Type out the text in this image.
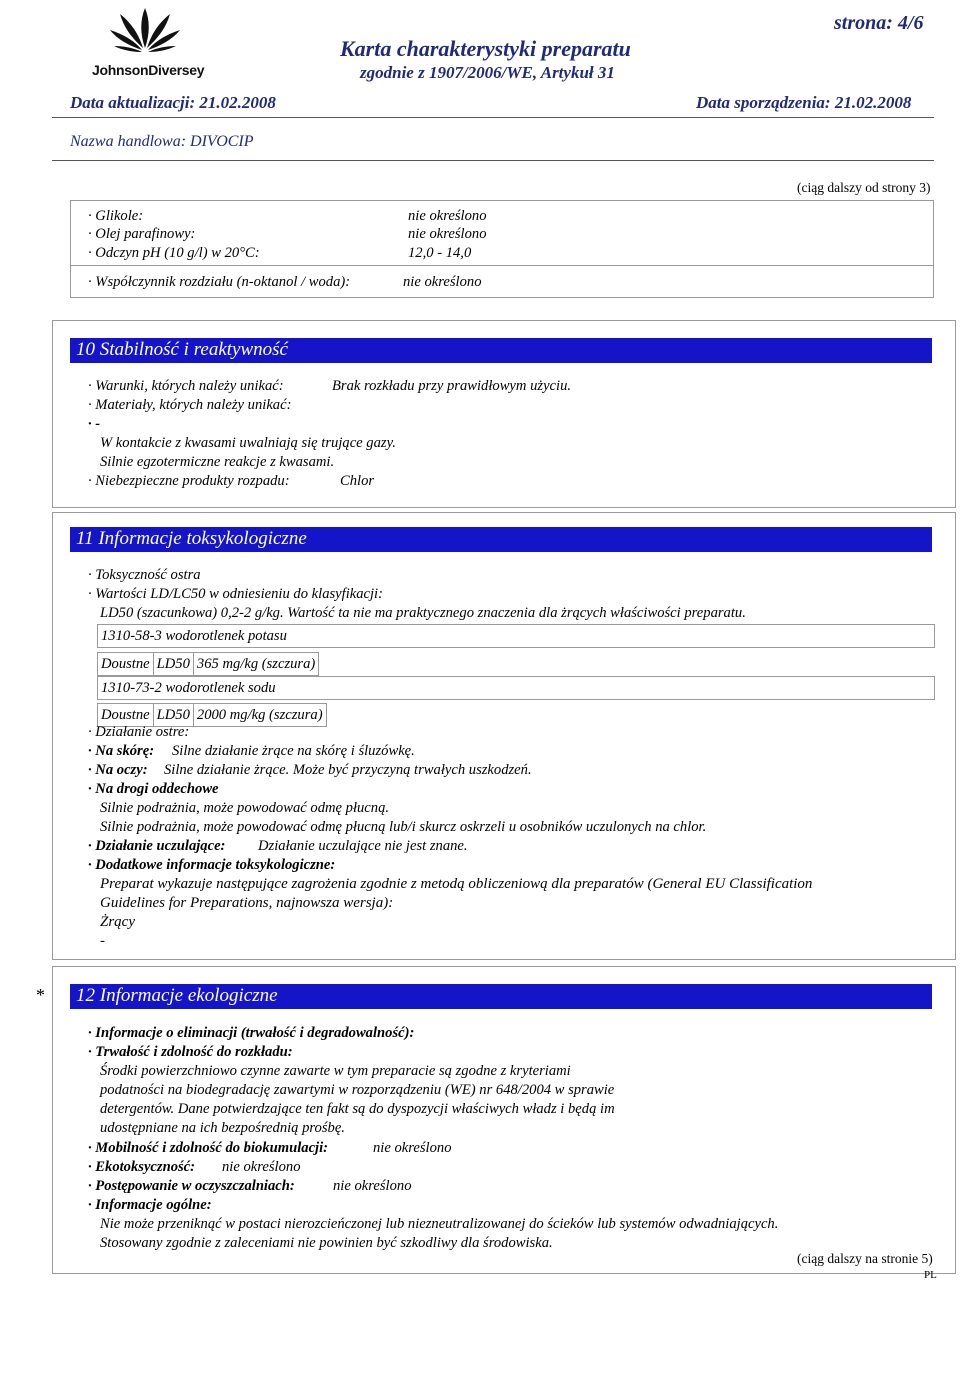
JohnsonDiversey
Karta charakterystyki preparatu
zgodnie z 1907/2006/WE, Artykuł 31
strona: 4/6
Data aktualizacji: 21.02.2008	Data sporządzenia: 21.02.2008
Nazwa handlowa: DIVOCIP
(ciąg dalszy od strony 3)
· Glikole:	nie określono
· Olej parafinowy:	nie określono
· Odczyn pH (10 g/l) w 20°C:	12,0 - 14,0
· Współczynnik rozdziału (n-oktanol / woda):	nie określono
10 Stabilność i reaktywność
· Warunki, których należy unikać:	Brak rozkładu przy prawidłowym użyciu.
· Materiały, których należy unikać:
· -
W kontakcie z kwasami uwalniają się trujące gazy.
Silnie egzotermiczne reakcje z kwasami.
· Niebezpieczne produkty rozpadu:	Chlor
11 Informacje toksykologiczne
· Toksyczność ostra
· Wartości LD/LC50 w odniesieniu do klasyfikacji:
LD50 (szacunkowa) 0,2-2 g/kg. Wartość ta nie ma praktycznego znaczenia dla żrących właściwości preparatu.
1310-58-3 wodorotlenek potasu
Doustne	LD50	365 mg/kg (szczura)
1310-73-2 wodorotlenek sodu
Doustne	LD50	2000 mg/kg (szczura)
· Działanie ostre:
· Na skórę: Silne działanie żrące na skórę i śluzówkę.
· Na oczy: Silne działanie żrące. Może być przyczyną trwałych uszkodzeń.
· Na drogi oddechowe
Silnie podrażnia, może powodować odmę płucną.
Silnie podrażnia, może powodować odmę płucną lub/i skurcz oskrzeli u osobników uczulonych na chlor.
· Działanie uczulające: Działanie uczulające nie jest znane.
· Dodatkowe informacje toksykologiczne:
Preparat wykazuje następujące zagrożenia zgodnie z metodą obliczeniową dla preparatów (General EU Classification
Guidelines for Preparations, najnowsza wersja):
Żrący
-
* 12 Informacje ekologiczne
· Informacje o eliminacji (trwałość i degradowalność):
· Trwałość i zdolność do rozkładu:
Środki powierzchniowo czynne zawarte w tym preparacie są zgodne z kryteriami
podatności na biodegradację zawartymi w rozporządzeniu (WE) nr 648/2004 w sprawie
detergentów. Dane potwierdzające ten fakt są do dyspozycji właściwych władz i będą im
udostępniane na ich bezpośrednią prośbę.
· Mobilność i zdolność do biokumulacji:	nie określono
· Ekotoksyczność: nie określono
· Postępowanie w oczyszczalniach:	nie określono
· Informacje ogólne:
Nie może przeniknąć w postaci nierozcieńczonej lub niezneutralizowanej do ścieków lub systemów odwadniających.
Stosowany zgodnie z zaleceniami nie powinien być szkodliwy dla środowiska.
(ciąg dalszy na stronie 5)
PL
